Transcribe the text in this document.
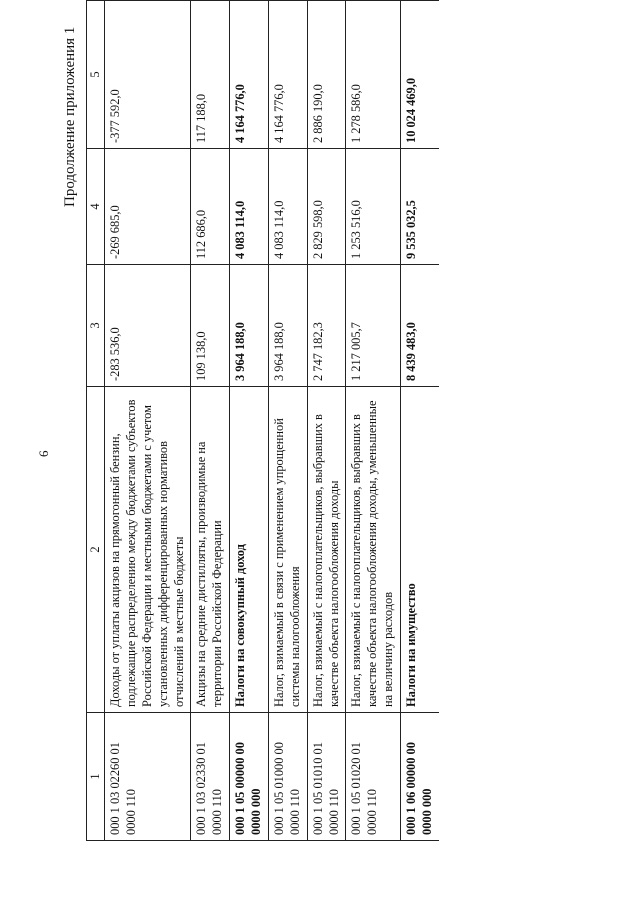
6
Продолжение приложения 1
1	2	3	4	5
000 1 03 02260 01 0000 110	Доходы от уплаты акцизов на прямогонный бензин, подлежащие распределению между бюджетами субъектов Российской Федерации и местными бюджетами с учетом установленных дифференцированных нормативов отчислений в местные бюджеты	-283 536,0	-269 685,0	-377 592,0
000 1 03 02330 01 0000 110	Акцизы на средние дистилляты, производимые на территории Российской Федерации	109 138,0	112 686,0	117 188,0
000 1 05 00000 00 0000 000	Налоги на совокупный доход	3 964 188,0	4 083 114,0	4 164 776,0
000 1 05 01000 00 0000 110	Налог, взимаемый в связи с применением упрощенной системы налогообложения	3 964 188,0	4 083 114,0	4 164 776,0
000 1 05 01010 01 0000 110	Налог, взимаемый с налогоплательщиков, выбравших в качестве объекта налогообложения доходы	2 747 182,3	2 829 598,0	2 886 190,0
000 1 05 01020 01 0000 110	Налог, взимаемый с налогоплательщиков, выбравших в качестве объекта налогообложения доходы, уменьшенные на величину расходов	1 217 005,7	1 253 516,0	1 278 586,0
000 1 06 00000 00 0000 000	Налоги на имущество	8 439 483,0	9 535 032,5	10 024 469,0
